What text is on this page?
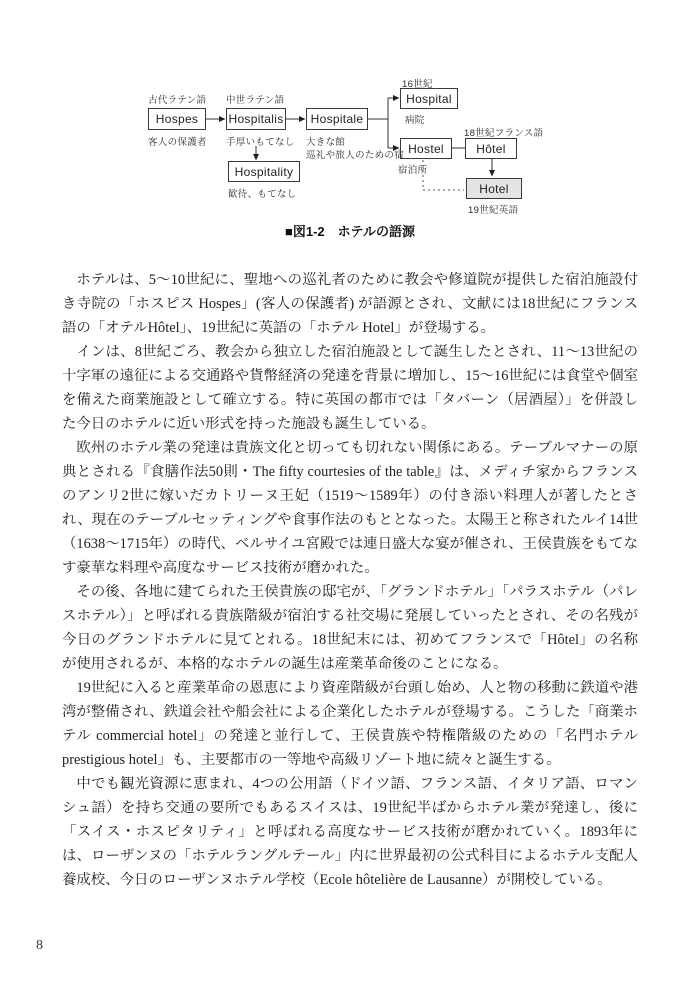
Hospes	Hospitalis	Hospitale
Hospitality
Hospital
Hostel	Hôtel
Hotel
古代ラテン語
客人の保護者
中世ラテン語
手厚いもてなし 大きな館
巡礼や旅人のための宿
歓待、もてなし
16世紀
病院
宿泊所
18世紀フランス語
19世紀英語
■図1-2　ホテルの語源

ホテルは、5〜10世紀に、聖地への巡礼者のために教会や修道院が提供した宿泊施設付き寺院の「ホスピス Hospes」(客人の保護者) が語源とされ、文献には18世紀にフランス語の「オテルHôtel」、19世紀に英語の「ホテル Hotel」が登場する。

インは、8世紀ごろ、教会から独立した宿泊施設として誕生したとされ、11〜13世紀の十字軍の遠征による交通路や貨幣経済の発達を背景に増加し、15〜16世紀には食堂や個室を備えた商業施設として確立する。特に英国の都市では「タバーン（居酒屋）」を併設した今日のホテルに近い形式を持った施設も誕生している。

欧州のホテル業の発達は貴族文化と切っても切れない関係にある。テーブルマナーの原典とされる『食膳作法50則・The fifty courtesies of the table』は、メディチ家からフランスのアンリ2世に嫁いだカトリーヌ王妃（1519〜1589年）の付き添い料理人が著したとされ、現在のテーブルセッティングや食事作法のもととなった。太陽王と称されたルイ14世（1638〜1715年）の時代、ベルサイユ宮殿では連日盛大な宴が催され、王侯貴族をもてなす豪華な料理や高度なサービス技術が磨かれた。

その後、各地に建てられた王侯貴族の邸宅が、「グランドホテル」「パラスホテル（パレスホテル）」と呼ばれる貴族階級が宿泊する社交場に発展していったとされ、その名残が今日のグランドホテルに見てとれる。18世紀末には、初めてフランスで「Hôtel」の名称が使用されるが、本格的なホテルの誕生は産業革命後のことになる。

19世紀に入ると産業革命の恩恵により資産階級が台頭し始め、人と物の移動に鉄道や港湾が整備され、鉄道会社や船会社による企業化したホテルが登場する。こうした「商業ホテル commercial hotel」の発達と並行して、王侯貴族や特権階級のための「名門ホテル prestigious hotel」も、主要都市の一等地や高級リゾート地に続々と誕生する。

中でも観光資源に恵まれ、4つの公用語（ドイツ語、フランス語、イタリア語、ロマンシュ語）を持ち交通の要所でもあるスイスは、19世紀半ばからホテル業が発達し、後に「スイス・ホスピタリティ」と呼ばれる高度なサービス技術が磨かれていく。1893年には、ローザンヌの「ホテルラングルテール」内に世界最初の公式科目によるホテル支配人養成校、今日のローザンヌホテル学校（Ecole hôtelière de Lausanne）が開校している。

8
